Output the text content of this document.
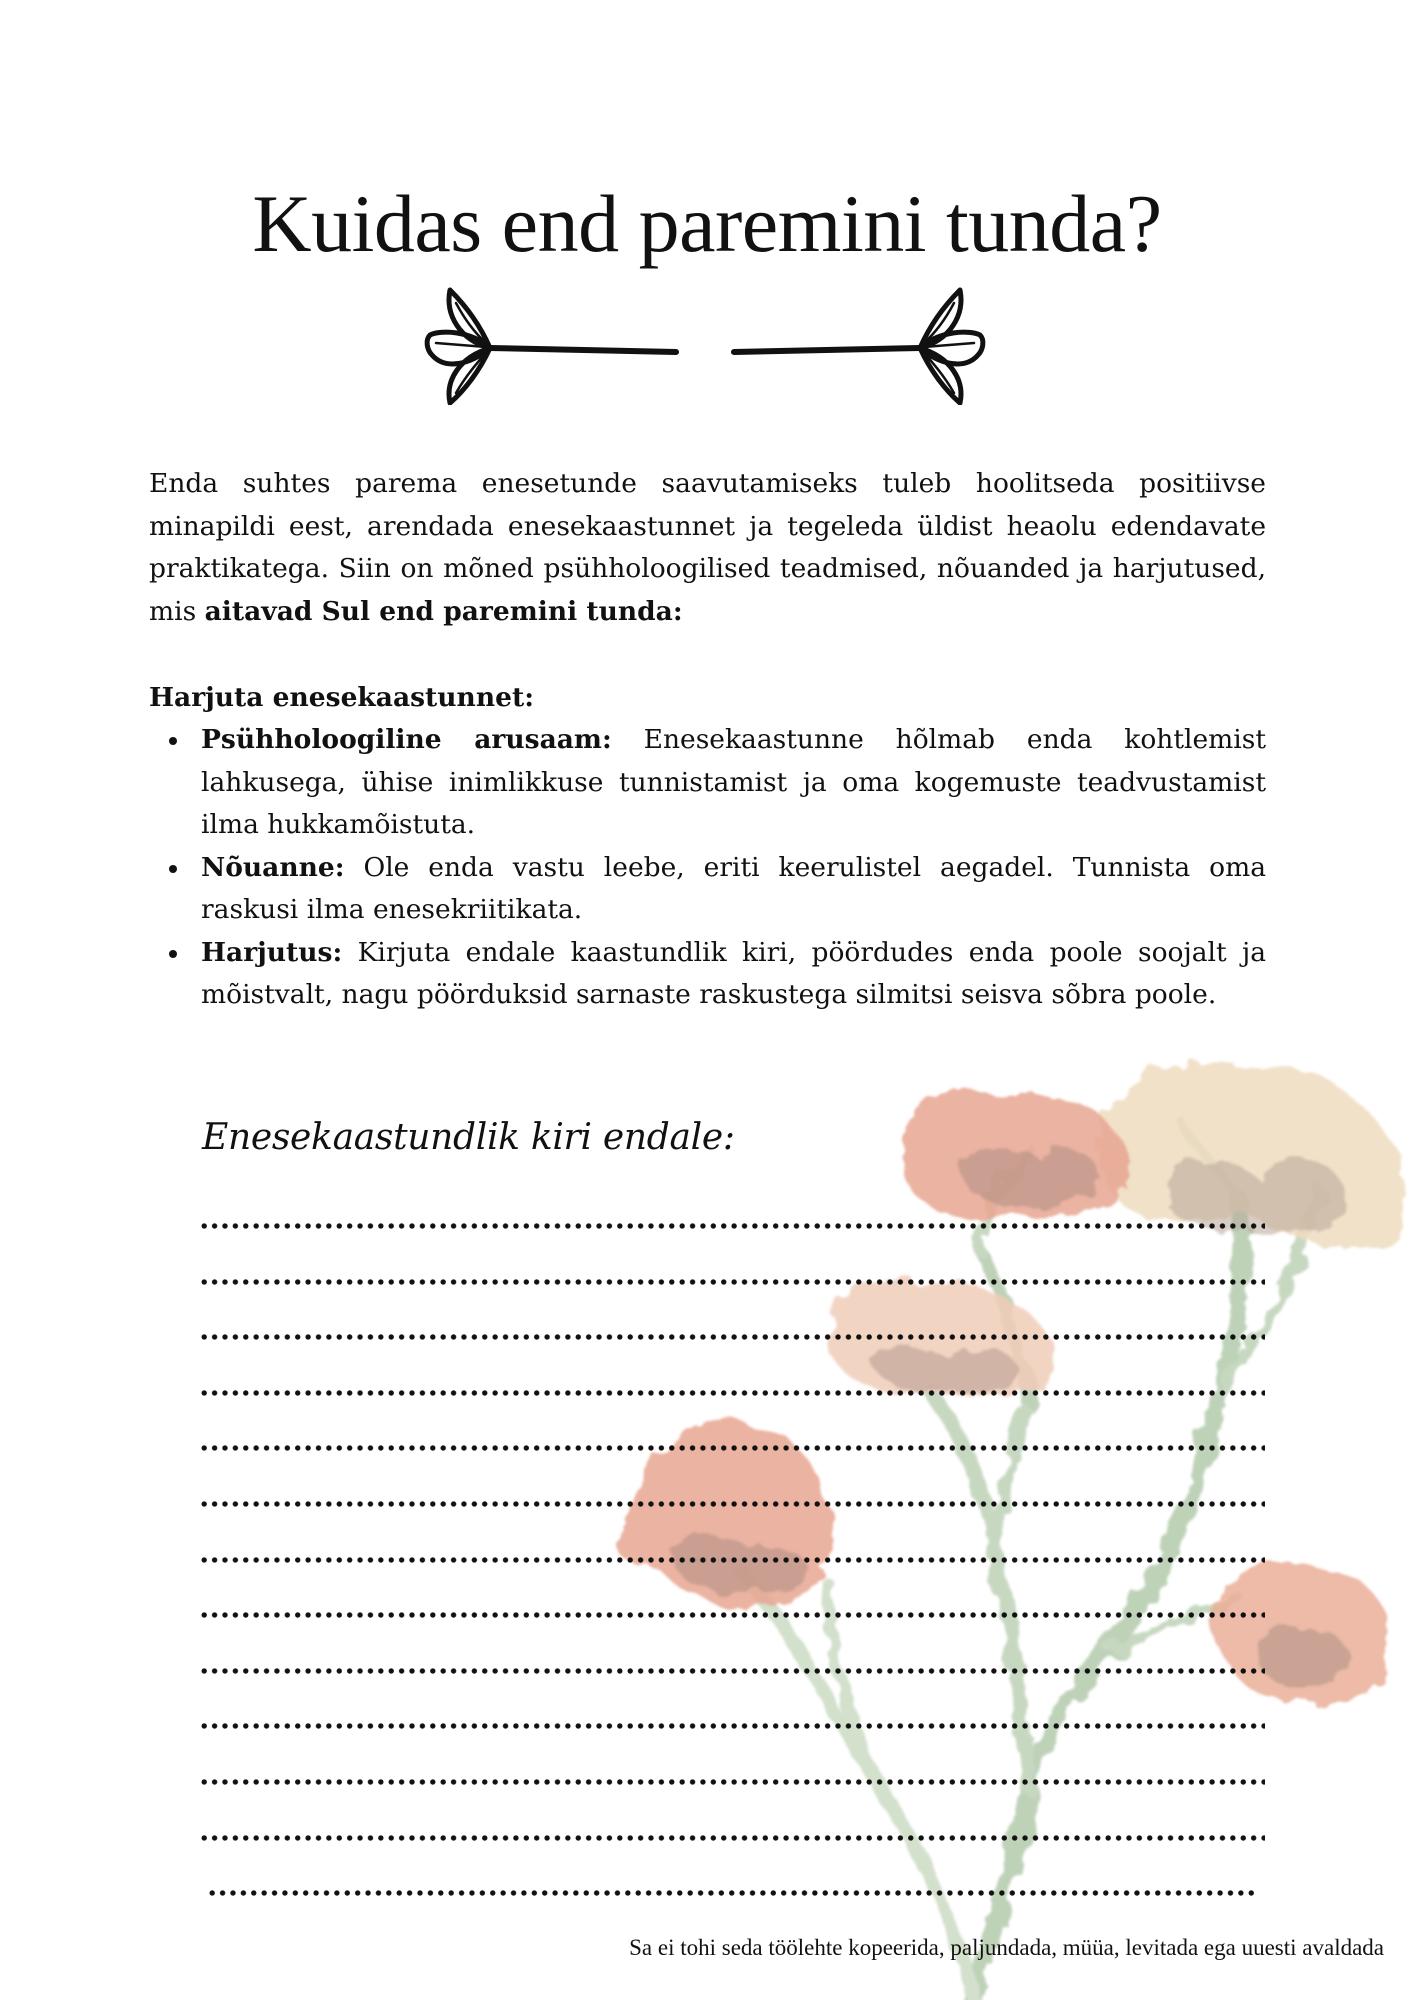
Kuidas end paremini tunda?

Enda suhtes parema enesetunde saavutamiseks tuleb hoolitseda positiivse minapildi eest, arendada enesekaastunnet ja tegeleda üldist heaolu edendavate praktikatega. Siin on mõned psühholoogilised teadmised, nõuanded ja harjutused, mis aitavad Sul end paremini tunda:

Harjuta enesekaastunnet:
Psühholoogiline arusaam: Enesekaastunne hõlmab enda kohtlemist lahkusega, ühise inimlikkuse tunnistamist ja oma kogemuste teadvustamist ilma hukkamõistuta.
Nõuanne: Ole enda vastu leebe, eriti keerulistel aegadel. Tunnista oma raskusi ilma enesekriitikata.
Harjutus: Kirjuta endale kaastundlik kiri, pöördudes enda poole soojalt ja mõistvalt, nagu pöörduksid sarnaste raskustega silmitsi seisva sõbra poole.
Enesekaastundlik kiri endale:
Sa ei tohi seda töölehte kopeerida, paljundada, müüa, levitada ega uuesti avaldada
